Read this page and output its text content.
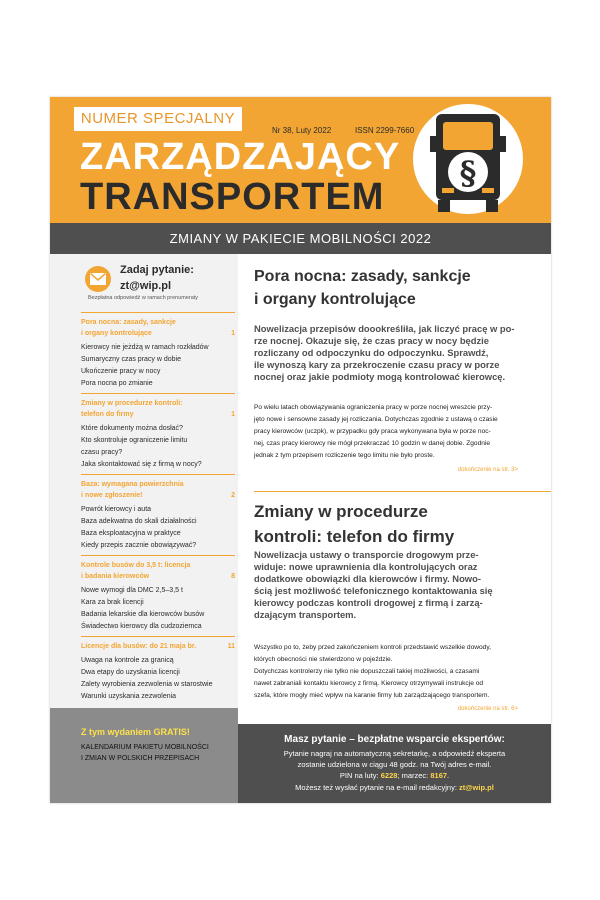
NUMER SPECJALNY
Nr 38, Luty 2022	ISSN 2299-7660
ZARZĄDZAJĄCY
TRANSPORTEM
§
ZMIANY W PAKIECIE MOBILNOŚCI 2022
Zadaj pytanie:
zt@wip.pl
Bezpłatna odpowiedź w ramach prenumeraty
Pora nocna: zasady, sankcje
i organy kontrolujące	1
Kierowcy nie jeżdżą w ramach rozkładów
Sumaryczny czas pracy w dobie
Ukończenie pracy w nocy
Pora nocna po zmianie
Zmiany w procedurze kontroli:
telefon do firmy	1
Które dokumenty można dosłać?
Kto skontroluje ograniczenie limitu
czasu pracy?
Jaka skontaktować się z firmą w nocy?
Baza: wymagana powierzchnia
i nowe zgłoszenie!	2
Powrót kierowcy i auta
Baza adekwatna do skali działalności
Baza eksploatacyjna w praktyce
Kiedy przepis zacznie obowiązywać?
Kontrole busów do 3,5 t: licencja
i badania kierowców	8
Nowe wymogi dla DMC 2,5–3,5 t
Kara za brak licencji
Badania lekarskie dla kierowców busów
Świadectwo kierowcy dla cudzoziemca
Licencje dla busów: do 21 maja br.	11
Uwaga na kontrole za granicą
Dwa etapy do uzyskania licencji
Zalety wyrobienia zezwolenia w starostwie
Warunki uzyskania zezwolenia
Z tym wydaniem GRATIS!
KALENDARIUM PAKIETU MOBILNOŚCI
I ZMIAN W POLSKICH PRZEPISACH
Pora nocna: zasady, sankcje
i organy kontrolujące
Nowelizacja przepisów doookreśliła, jak liczyć pracę w po-
rze nocnej. Okazuje się, że czas pracy w nocy będzie
rozliczany od odpoczynku do odpoczynku. Sprawdź,
ile wynoszą kary za przekroczenie czasu pracy w porze
nocnej oraz jakie podmioty mogą kontrolować kierowcę.
Po wielu latach obowiązywania ograniczenia pracy w porze nocnej wreszcie przy-
jęto nowe i sensowne zasady jej rozliczania. Dotychczas zgodnie z ustawą o czasie
pracy kierowców (uczpk), w przypadku gdy praca wykonywana była w porze noc-
nej, czas pracy kierowcy nie mógł przekraczać 10 godzin w danej dobie. Zgodnie
jednak z tym przepisem rozliczenie tego limitu nie było proste.
dokończenie na str. 3>
Zmiany w procedurze
kontroli: telefon do firmy
Nowelizacja ustawy o transporcie drogowym prze-
widuje: nowe uprawnienia dla kontrolujących oraz
dodatkowe obowiązki dla kierowców i firmy. Nowo-
ścią jest możliwość telefonicznego kontaktowania się
kierowcy podczas kontroli drogowej z firmą i zarzą-
dzającym transportem.
Wszystko po to, żeby przed zakończeniem kontroli przedstawić wszelkie dowody,
których obecności nie stwierdzono w pojeździe.
Dotychczas kontrolerzy nie tylko nie dopuszczali takiej możliwości, a czasami
nawet zabraniali kontaktu kierowcy z firmą. Kierowcy otrzymywali instrukcje od
szefa, które mogły mieć wpływ na karanie firmy lub zarządzającego transportem.
dokończenie na str. 6>
Masz pytanie – bezpłatne wsparcie ekspertów:
Pytanie nagraj na automatyczną sekretarkę, a odpowiedź eksperta
zostanie udzielona w ciągu 48 godz. na Twój adres e-mail.
PIN na luty: 6228; marzec: 8167.
Możesz też wysłać pytanie na e-mail redakcyjny: zt@wip.pl
